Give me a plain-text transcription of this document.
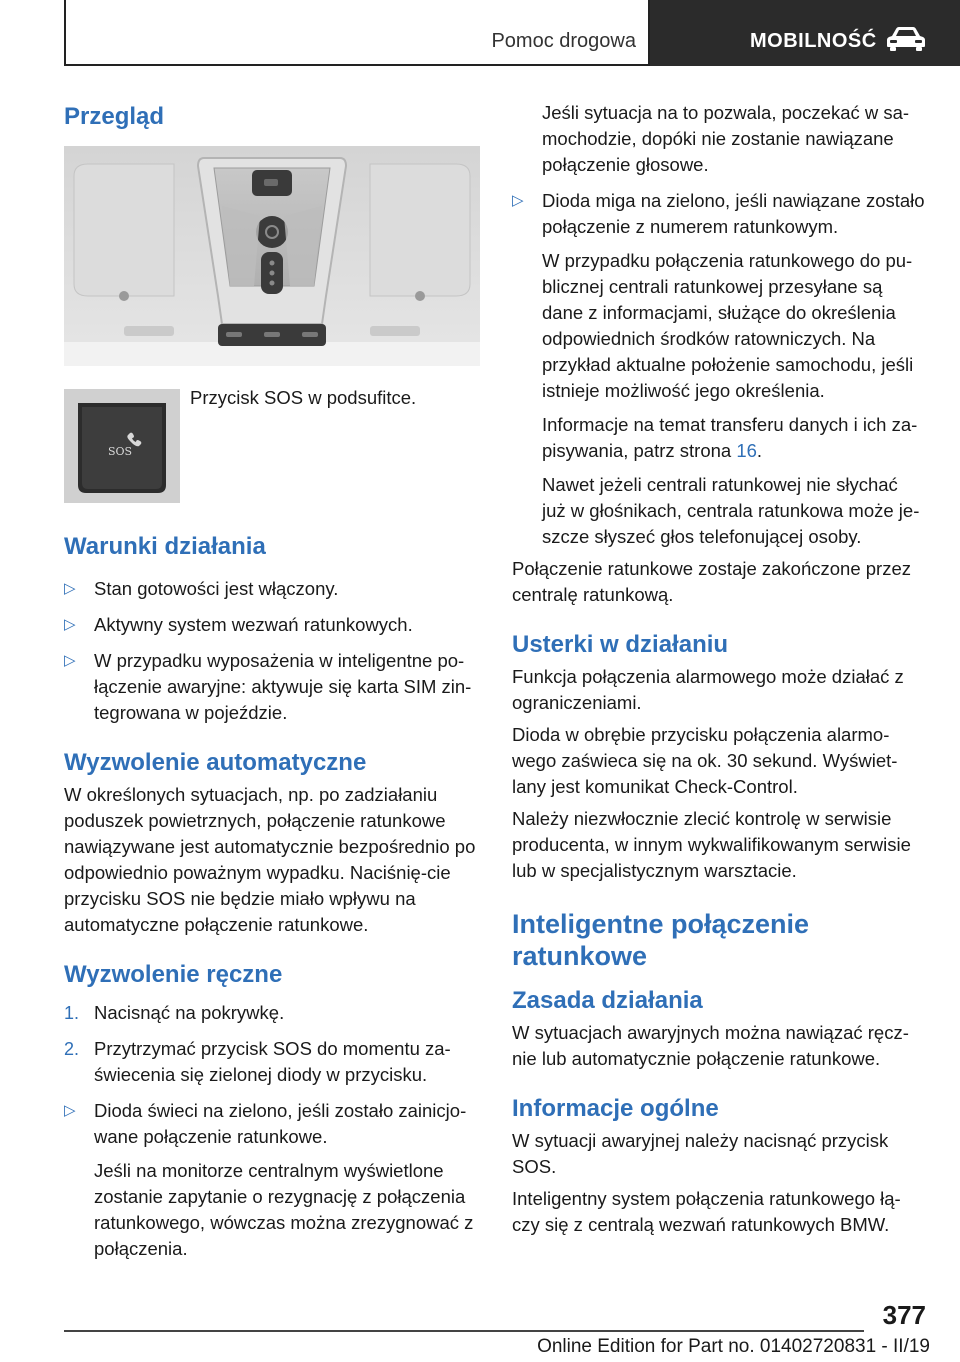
Pomoc drogowa	MOBILNOŚĆ
Przegląd
SOS
Przycisk SOS w podsufitce.
Warunki działania
▷ Stan gotowości jest włączony.
▷ Aktywny system wezwań ratunkowych.
▷ W przypadku wyposażenia w inteligentne po‐łączenie awaryjne: aktywuje się karta SIM zin‐tegrowana w pojeździe.
Wyzwolenie automatyczne
W określonych sytuacjach, np. po zadziałaniu poduszek powietrznych, połączenie ratunkowe nawiązywane jest automatycznie bezpośrednio po odpowiednio poważnym wypadku. Naciśnię‐cie przycisku SOS nie będzie miało wpływu na automatyczne połączenie ratunkowe.
Wyzwolenie ręczne
1. Nacisnąć na pokrywkę.
2. Przytrzymać przycisk SOS do momentu za‐świecenia się zielonej diody w przycisku.
▷ Dioda świeci na zielono, jeśli zostało zainicjo‐wane połączenie ratunkowe.
Jeśli na monitorze centralnym wyświetlone zostanie zapytanie o rezygnację z połączenia ratunkowego, wówczas można zrezygnować z połączenia.
Jeśli sytuacja na to pozwala, poczekać w sa‐mochodzie, dopóki nie zostanie nawiązane połączenie głosowe.
▷ Dioda miga na zielono, jeśli nawiązane zostało połączenie z numerem ratunkowym.
W przypadku połączenia ratunkowego do pu‐blicznej centrali ratunkowej przesyłane są dane z informacjami, służące do określenia odpowiednich środków ratowniczych. Na przykład aktualne położenie samochodu, jeśli istnieje możliwość jego określenia.
Informacje na temat transferu danych i ich za‐pisywania, patrz strona 16.
Nawet jeżeli centrali ratunkowej nie słychać już w głośnikach, centrala ratunkowa może je‐szcze słyszeć głos telefonującej osoby.
Połączenie ratunkowe zostaje zakończone przez centralę ratunkową.
Usterki w działaniu
Funkcja połączenia alarmowego może działać z ograniczeniami.
Dioda w obrębie przycisku połączenia alarmo‐wego zaświeca się na ok. 30 sekund. Wyświet‐lany jest komunikat Check-Control.
Należy niezwłocznie zlecić kontrolę w serwisie producenta, w innym wykwalifikowanym serwisie lub w specjalistycznym warsztacie.
Inteligentne połączenie ratunkowe
Zasada działania
W sytuacjach awaryjnych można nawiązać ręcz‐nie lub automatycznie połączenie ratunkowe.
Informacje ogólne
W sytuacji awaryjnej należy nacisnąć przycisk SOS.
Inteligentny system połączenia ratunkowego łą‐czy się z centralą wezwań ratunkowych BMW.
377
Online Edition for Part no. 01402720831 - II/19
